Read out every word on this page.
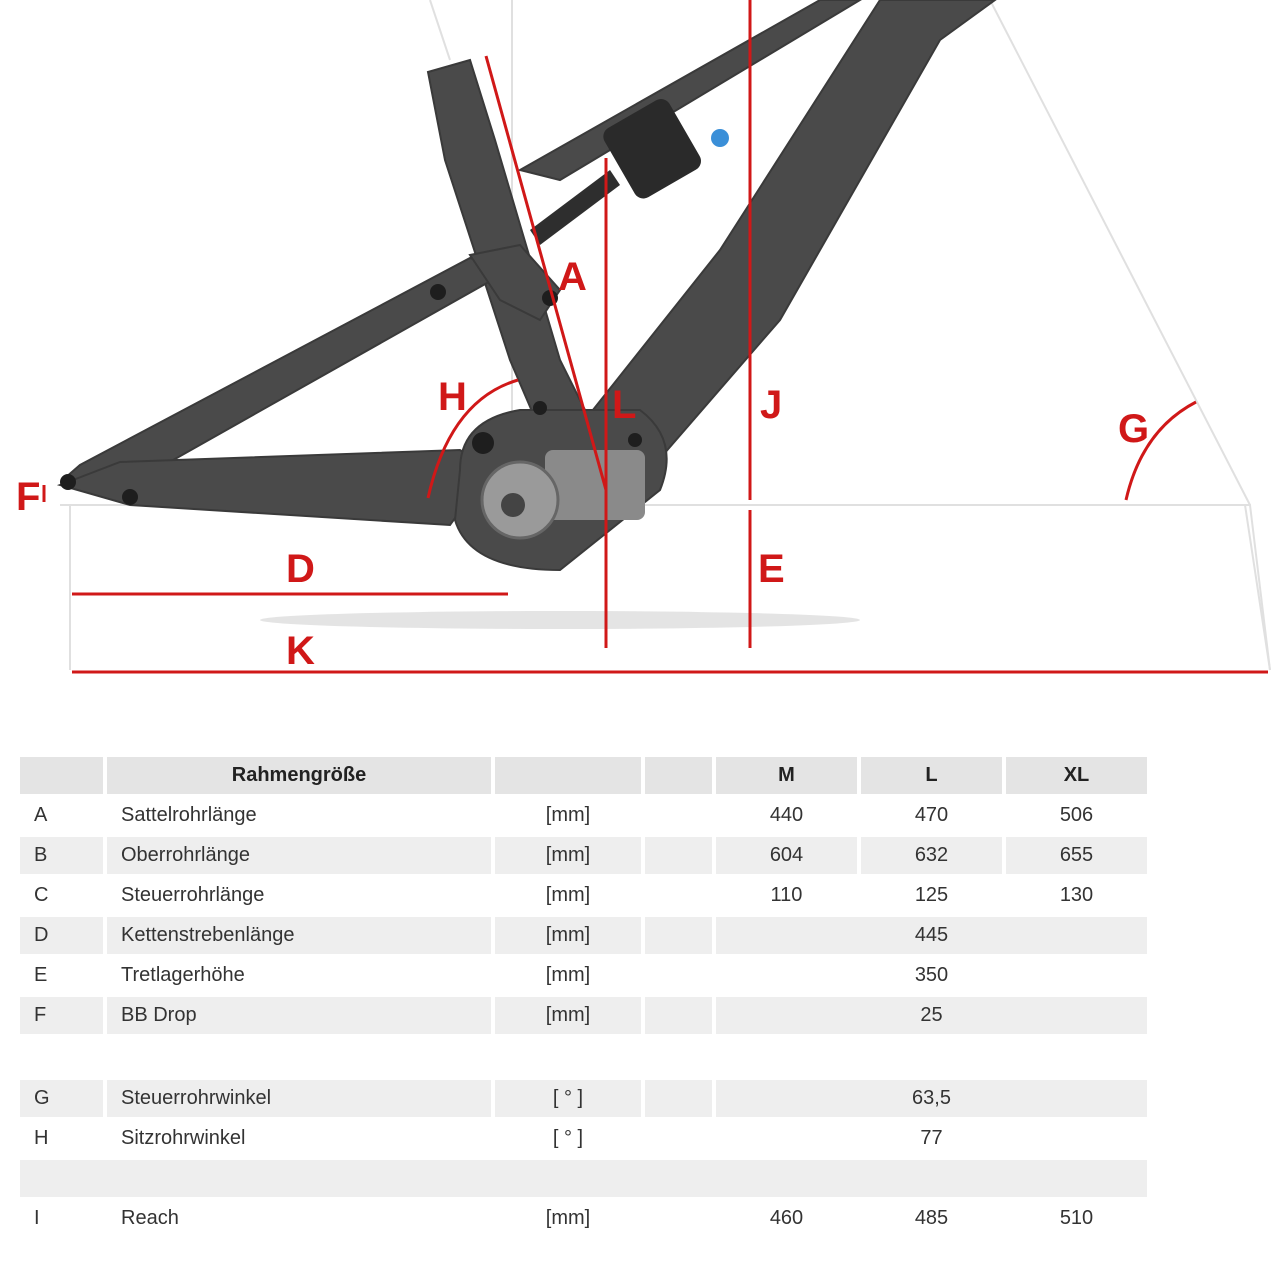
A
H	L	J
G
F
D	E
K
	Rahmengröße			M	L	XL
A	Sattelrohrlänge	[mm]		440	470	506
B	Oberrohrlänge	[mm]		604	632	655
C	Steuerrohrlänge	[mm]		110	125	130
D	Kettenstrebenlänge	[mm]		445		
E	Tretlagerhöhe	[mm]		350		
F	BB Drop	[mm]		25		

G	Steuerrohrwinkel	[ ° ]		63,5		
H	Sitzrohrwinkel	[ ° ]		77		

I	Reach	[mm]		460	485	510
